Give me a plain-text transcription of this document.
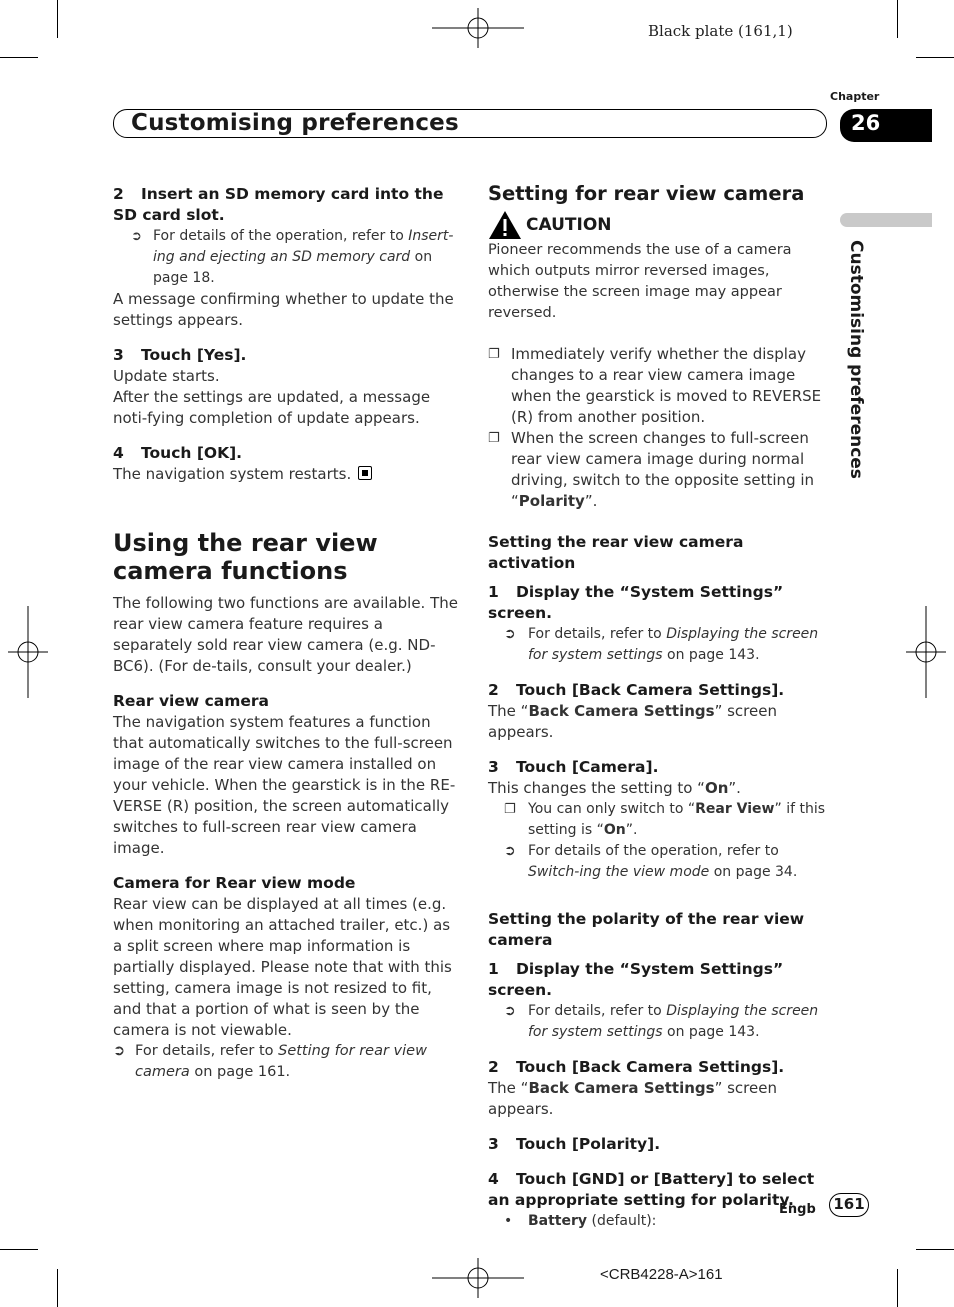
Black plate (161,1)
Chapter
Customising preferences	26
Customising preferences

2 Insert an SD memory card into the SD card slot.

➲ For details of the operation, refer to Insert-ing and ejecting an SD memory card on page 18.

A message confirming whether to update the settings appears.

3 Touch [Yes].

Update starts.

After the settings are updated, a message noti-fying completion of update appears.

4 Touch [OK].

The navigation system restarts.

Using the rear view camera functions

The following two functions are available. The rear view camera feature requires a separately sold rear view camera (e.g. ND-BC6). (For de-tails, consult your dealer.)

Rear view camera

The navigation system features a function that automatically switches to the full-screen image of the rear view camera installed on your vehicle. When the gearstick is in the RE-VERSE (R) position, the screen automatically switches to full-screen rear view camera image.

Camera for Rear view mode

Rear view can be displayed at all times (e.g. when monitoring an attached trailer, etc.) as a split screen where map information is partially displayed. Please note that with this setting, camera image is not resized to fit, and that a portion of what is seen by the camera is not viewable.

➲ For details, refer to Setting for rear view camera on page 161.

Setting for rear view camera

CAUTION

Pioneer recommends the use of a camera which outputs mirror reversed images, otherwise the screen image may appear reversed.

❐ Immediately verify whether the display changes to a rear view camera image when the gearstick is moved to REVERSE (R) from another position.

❐ When the screen changes to full-screen rear view camera image during normal driving, switch to the opposite setting in “Polarity”.

Setting the rear view camera activation

1 Display the “System Settings” screen.

➲ For details, refer to Displaying the screen for system settings on page 143.

2 Touch [Back Camera Settings].

The “Back Camera Settings” screen appears.

3 Touch [Camera].

This changes the setting to “On”.

❐ You can only switch to “Rear View” if this setting is “On”.

➲ For details of the operation, refer to Switch-ing the view mode on page 34.

Setting the polarity of the rear view camera

1 Display the “System Settings” screen.

➲ For details, refer to Displaying the screen for system settings on page 143.

2 Touch [Back Camera Settings].

The “Back Camera Settings” screen appears.

3 Touch [Polarity].

4 Touch [GND] or [Battery] to select an appropriate setting for polarity.

• Battery (default):

Engb 161
<CRB4228-A>161
